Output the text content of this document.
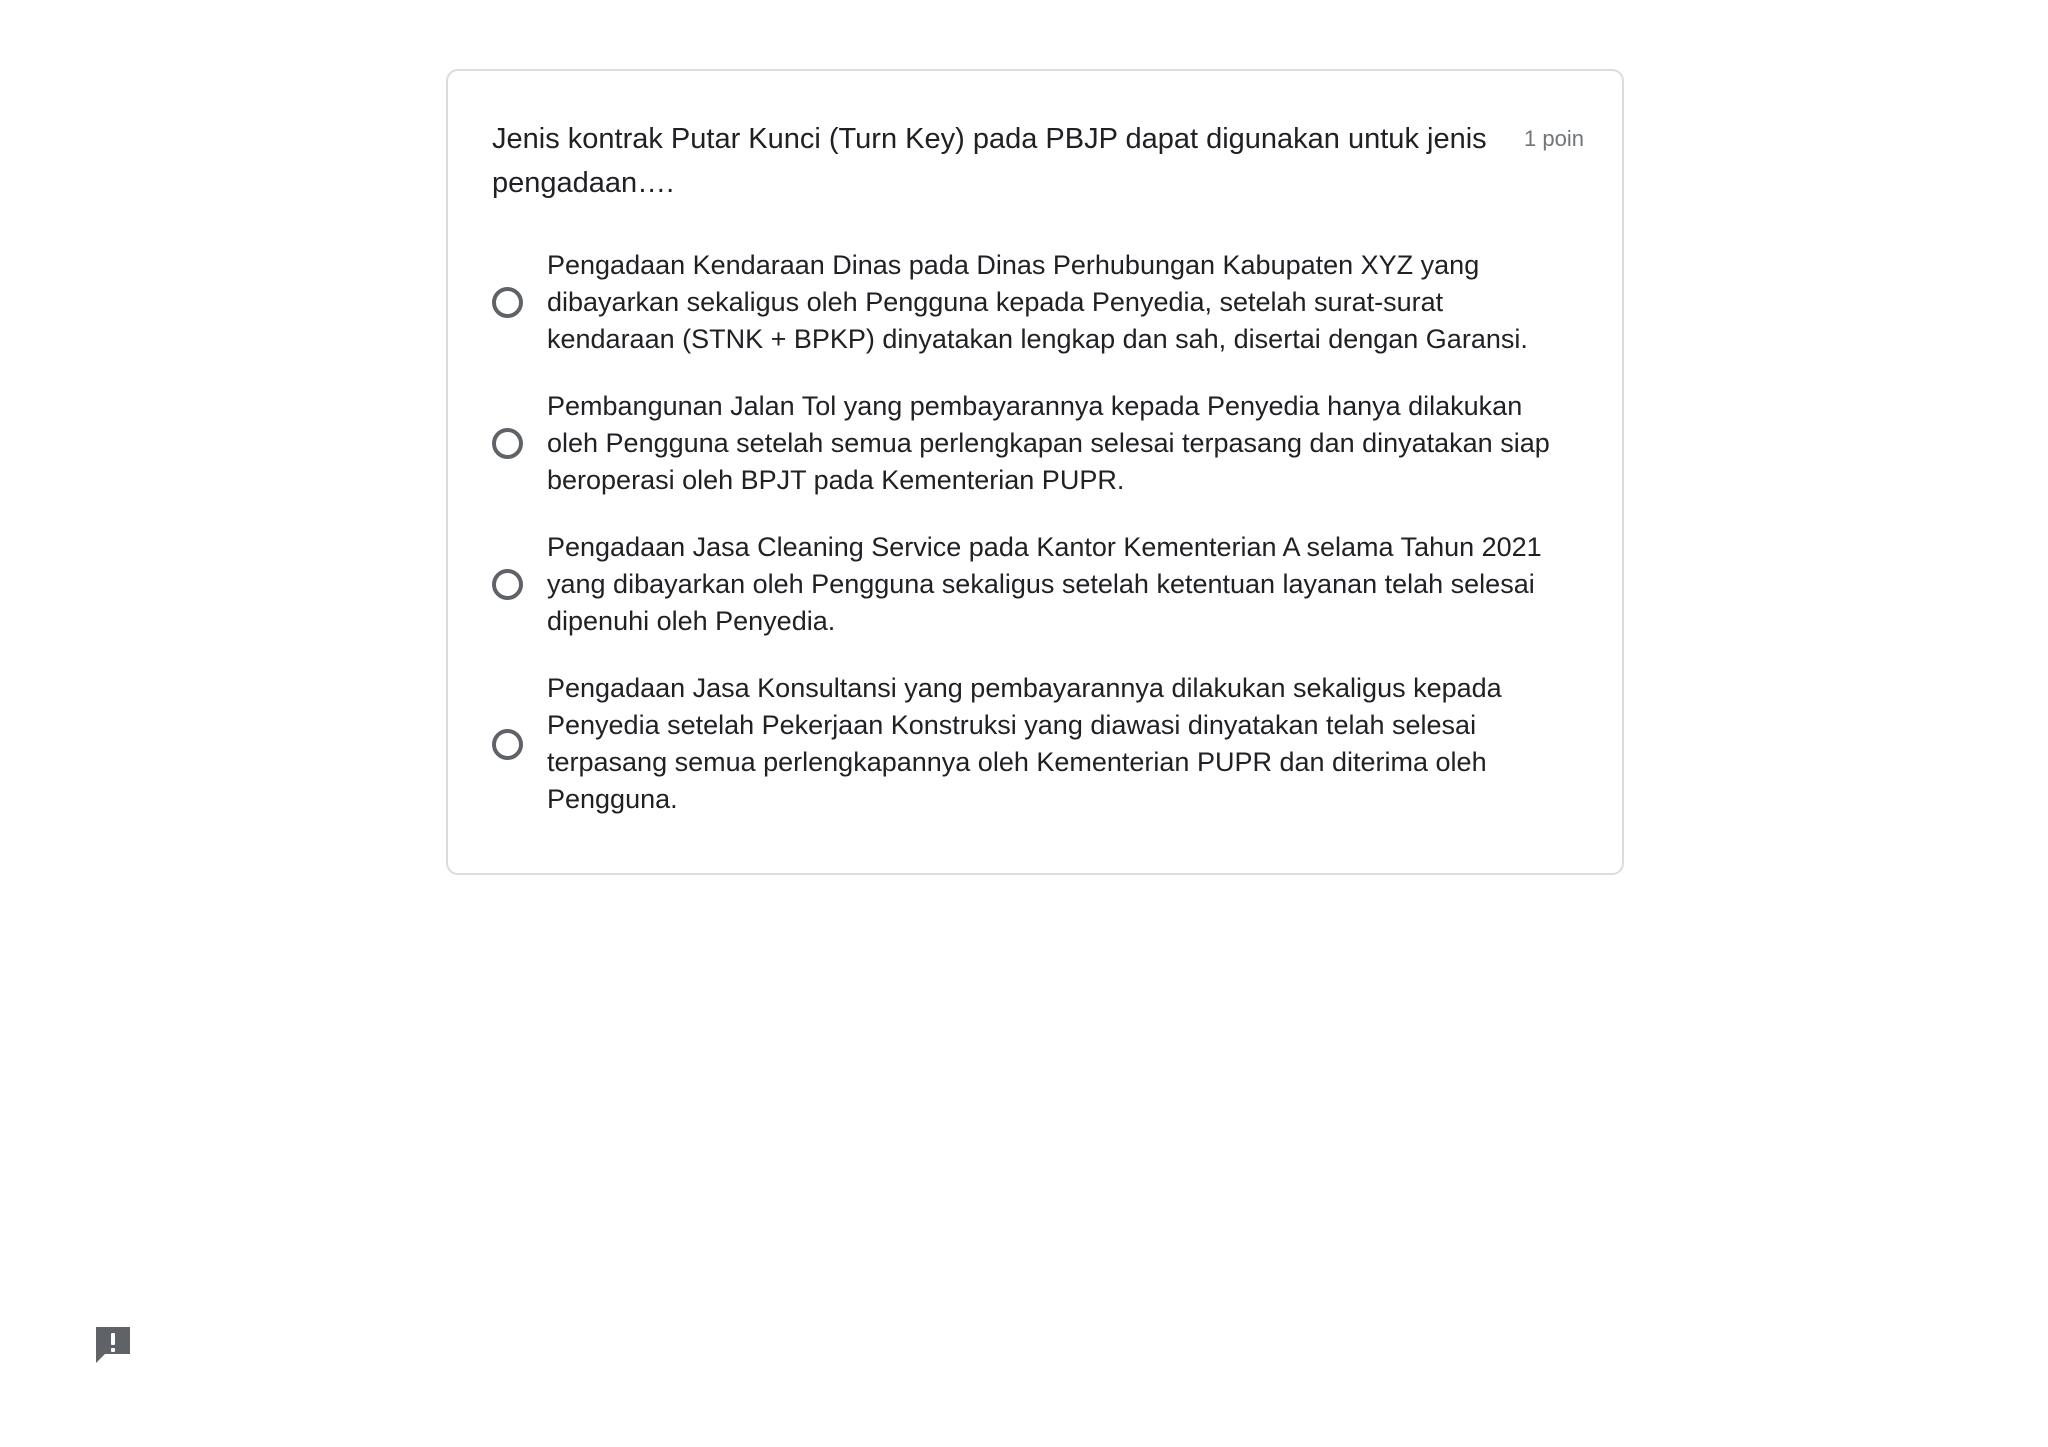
Jenis kontrak Putar Kunci (Turn Key) pada PBJP dapat digunakan untuk jenis pengadaan….
1 poin
Pengadaan Kendaraan Dinas pada Dinas Perhubungan Kabupaten XYZ yang dibayarkan sekaligus oleh Pengguna kepada Penyedia, setelah surat-surat kendaraan (STNK + BPKP) dinyatakan lengkap dan sah, disertai dengan Garansi.
Pembangunan Jalan Tol yang pembayarannya kepada Penyedia hanya dilakukan oleh Pengguna setelah semua perlengkapan selesai terpasang dan dinyatakan siap beroperasi oleh BPJT pada Kementerian PUPR.
Pengadaan Jasa Cleaning Service pada Kantor Kementerian A selama Tahun 2021 yang dibayarkan oleh Pengguna sekaligus setelah ketentuan layanan telah selesai dipenuhi oleh Penyedia.
Pengadaan Jasa Konsultansi yang pembayarannya dilakukan sekaligus kepada Penyedia setelah Pekerjaan Konstruksi yang diawasi dinyatakan telah selesai terpasang semua perlengkapannya oleh Kementerian PUPR dan diterima oleh Pengguna.
